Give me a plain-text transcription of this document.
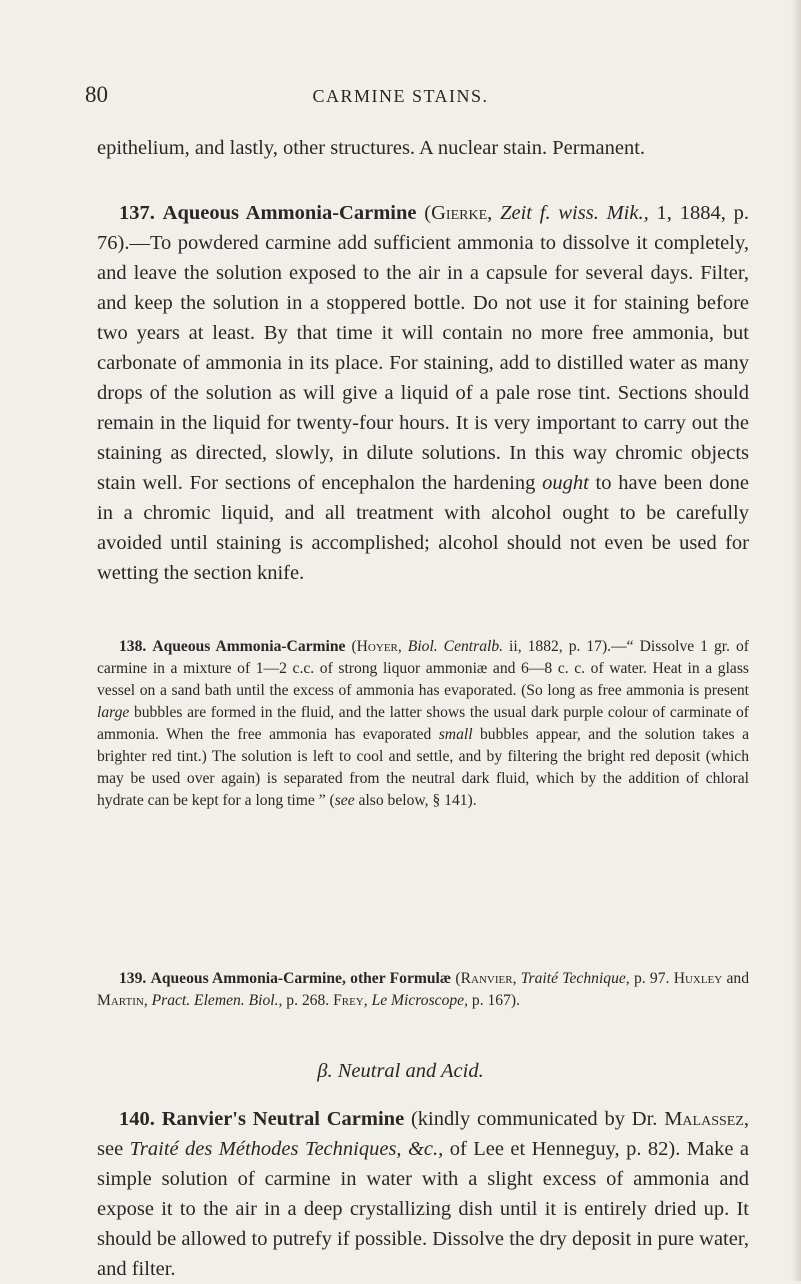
80	CARMINE STAINS.

epithelium, and lastly, other structures. A nuclear stain. Permanent.

137. Aqueous Ammonia-Carmine (Gierke, Zeit f. wiss. Mik., 1, 1884, p. 76).—To powdered carmine add sufficient ammonia to dissolve it completely, and leave the solution exposed to the air in a capsule for several days. Filter, and keep the solution in a stoppered bottle. Do not use it for staining before two years at least. By that time it will contain no more free ammonia, but carbonate of ammonia in its place. For staining, add to distilled water as many drops of the solution as will give a liquid of a pale rose tint. Sections should remain in the liquid for twenty-four hours. It is very important to carry out the staining as directed, slowly, in dilute solutions. In this way chromic objects stain well. For sections of encephalon the hardening ought to have been done in a chromic liquid, and all treatment with alcohol ought to be carefully avoided until staining is accomplished; alcohol should not even be used for wetting the section knife.

138. Aqueous Ammonia-Carmine (Hoyer, Biol. Centralb. ii, 1882, p. 17).—“ Dissolve 1 gr. of carmine in a mixture of 1—2 c.c. of strong liquor ammoniæ and 6—8 c. c. of water. Heat in a glass vessel on a sand bath until the excess of ammonia has evaporated. (So long as free ammonia is present large bubbles are formed in the fluid, and the latter shows the usual dark purple colour of carminate of ammonia. When the free ammonia has evaporated small bubbles appear, and the solution takes a brighter red tint.) The solution is left to cool and settle, and by filtering the bright red deposit (which may be used over again) is separated from the neutral dark fluid, which by the addition of chloral hydrate can be kept for a long time ” (see also below, § 141).

139. Aqueous Ammonia-Carmine, other Formulæ (Ranvier, Traité Technique, p. 97. Huxley and Martin, Pract. Elemen. Biol., p. 268. Frey, Le Microscope, p. 167).

β. Neutral and Acid.

140. Ranvier's Neutral Carmine (kindly communicated by Dr. Malassez, see Traité des Méthodes Techniques, &c., of Lee et Henneguy, p. 82). Make a simple solution of carmine in water with a slight excess of ammonia and expose it to the air in a deep crystallizing dish until it is entirely dried up. It should be allowed to putrefy if possible. Dissolve the dry deposit in pure water, and filter.
